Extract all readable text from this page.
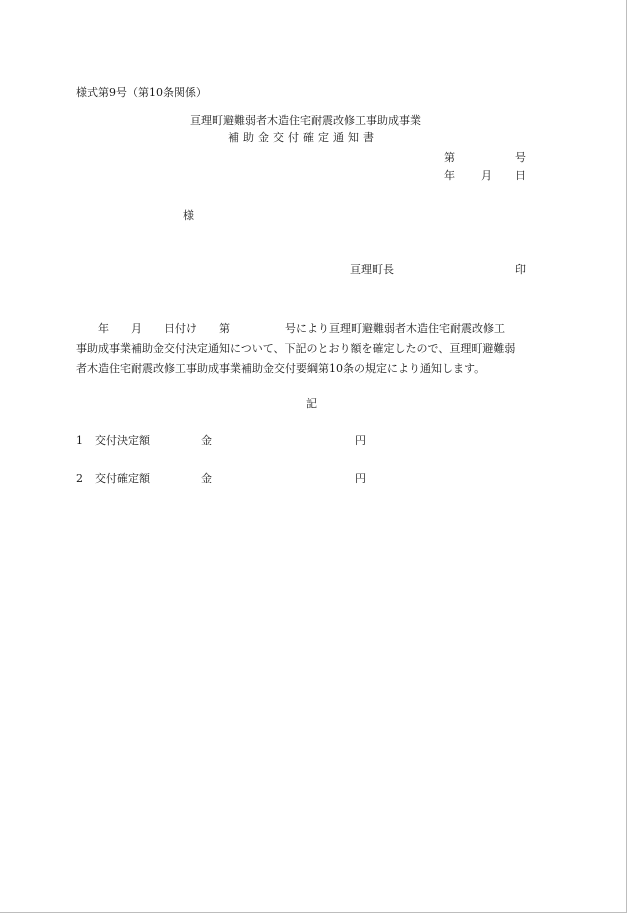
様式第9号（第10条関係）
亘理町避難弱者木造住宅耐震改修工事助成事業
補助金交付確定通知書
第	号
年 月 日
様
亘理町長	印
　　年　　月　　日付け　　第　　　　　号により亘理町避難弱者木造住宅耐震改修工
事助成事業補助金交付決定通知について、下記のとおり額を確定したので、亘理町避難弱
者木造住宅耐震改修工事助成事業補助金交付要綱第10条の規定により通知します。
記
1 交付決定額	金	円
2 交付確定額	金	円
